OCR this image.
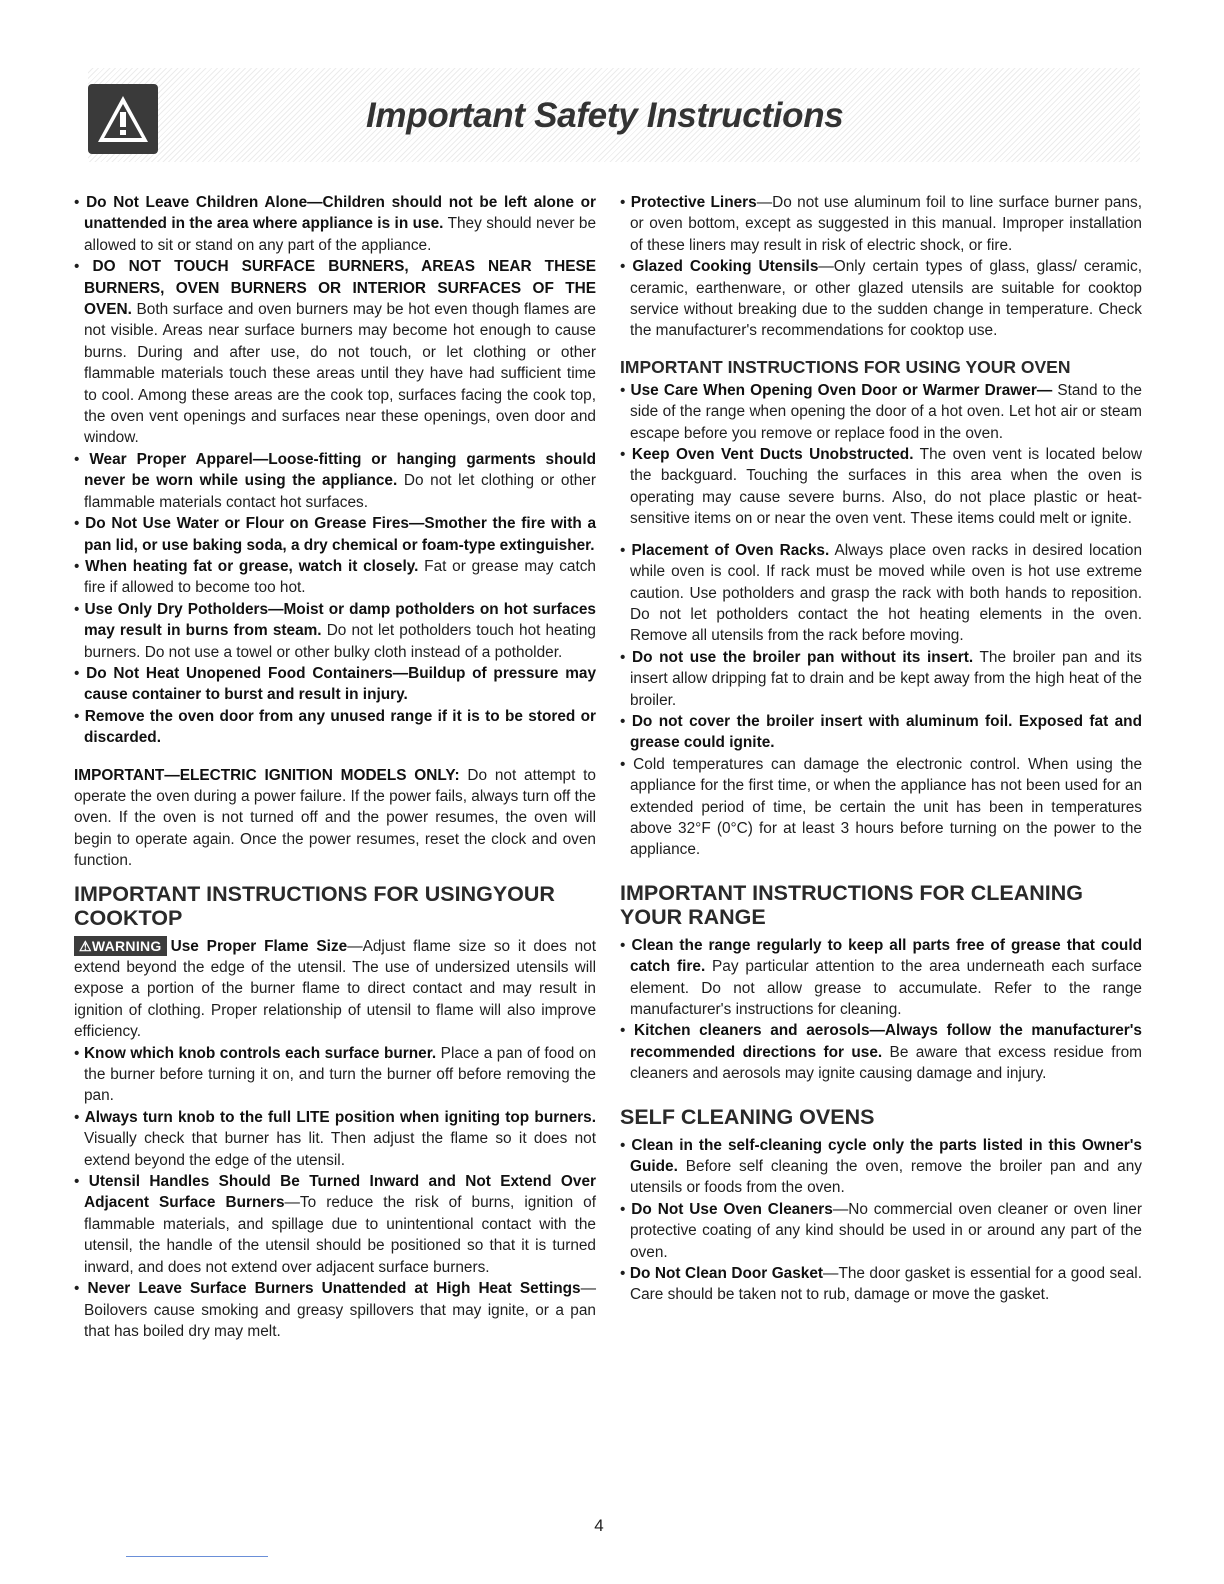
Important Safety Instructions

• Do Not Leave Children Alone—Children should not be left alone or unattended in the area where appliance is in use. They should never be allowed to sit or stand on any part of the appliance.

• DO NOT TOUCH SURFACE BURNERS, AREAS NEAR THESE BURNERS, OVEN BURNERS OR INTERIOR SURFACES OF THE OVEN. Both surface and oven burners may be hot even though flames are not visible. Areas near surface burners may become hot enough to cause burns. During and after use, do not touch, or let clothing or other flammable materials touch these areas until they have had sufficient time to cool. Among these areas are the cook top, surfaces facing the cook top, the oven vent openings and surfaces near these openings, oven door and window.

• Wear Proper Apparel—Loose-fitting or hanging garments should never be worn while using the appliance. Do not let clothing or other flammable materials contact hot surfaces.

• Do Not Use Water or Flour on Grease Fires—Smother the fire with a pan lid, or use baking soda, a dry chemical or foam-type extinguisher.

• When heating fat or grease, watch it closely. Fat or grease may catch fire if allowed to become too hot.

• Use Only Dry Potholders—Moist or damp potholders on hot surfaces may result in burns from steam. Do not let potholders touch hot heating burners. Do not use a towel or other bulky cloth instead of a potholder.

• Do Not Heat Unopened Food Containers—Buildup of pressure may cause container to burst and result in injury.

• Remove the oven door from any unused range if it is to be stored or discarded.

IMPORTANT—ELECTRIC IGNITION MODELS ONLY: Do not attempt to operate the oven during a power failure. If the power fails, always turn off the oven. If the oven is not turned off and the power resumes, the oven will begin to operate again. Once the power resumes, reset the clock and oven function.

IMPORTANT INSTRUCTIONS FOR USINGYOUR COOKTOP

⚠WARNING Use Proper Flame Size—Adjust flame size so it does not extend beyond the edge of the utensil. The use of undersized utensils will expose a portion of the burner flame to direct contact and may result in ignition of clothing. Proper relationship of utensil to flame will also improve efficiency.

• Know which knob controls each surface burner. Place a pan of food on the burner before turning it on, and turn the burner off before removing the pan.

• Always turn knob to the full LITE position when igniting top burners. Visually check that burner has lit. Then adjust the flame so it does not extend beyond the edge of the utensil.

• Utensil Handles Should Be Turned Inward and Not Extend Over Adjacent Surface Burners—To reduce the risk of burns, ignition of flammable materials, and spillage due to unintentional contact with the utensil, the handle of the utensil should be positioned so that it is turned inward, and does not extend over adjacent surface burners.

• Never Leave Surface Burners Unattended at High Heat Settings—Boilovers cause smoking and greasy spillovers that may ignite, or a pan that has boiled dry may melt.

• Protective Liners—Do not use aluminum foil to line surface burner pans, or oven bottom, except as suggested in this manual. Improper installation of these liners may result in risk of electric shock, or fire.

• Glazed Cooking Utensils—Only certain types of glass, glass/ ceramic, ceramic, earthenware, or other glazed utensils are suitable for cooktop service without breaking due to the sudden change in temperature. Check the manufacturer's recommendations for cooktop use.

IMPORTANT INSTRUCTIONS FOR USING YOUR OVEN

• Use Care When Opening Oven Door or Warmer Drawer— Stand to the side of the range when opening the door of a hot oven. Let hot air or steam escape before you remove or replace food in the oven.

• Keep Oven Vent Ducts Unobstructed. The oven vent is located below the backguard. Touching the surfaces in this area when the oven is operating may cause severe burns. Also, do not place plastic or heat-sensitive items on or near the oven vent. These items could melt or ignite.

• Placement of Oven Racks. Always place oven racks in desired location while oven is cool. If rack must be moved while oven is hot use extreme caution. Use potholders and grasp the rack with both hands to reposition. Do not let potholders contact the hot heating elements in the oven. Remove all utensils from the rack before moving.

• Do not use the broiler pan without its insert. The broiler pan and its insert allow dripping fat to drain and be kept away from the high heat of the broiler.

• Do not cover the broiler insert with aluminum foil. Exposed fat and grease could ignite.

• Cold temperatures can damage the electronic control. When using the appliance for the first time, or when the appliance has not been used for an extended period of time, be certain the unit has been in temperatures above 32°F (0°C) for at least 3 hours before turning on the power to the appliance.

IMPORTANT INSTRUCTIONS FOR CLEANING YOUR RANGE

• Clean the range regularly to keep all parts free of grease that could catch fire. Pay particular attention to the area underneath each surface element. Do not allow grease to accumulate. Refer to the range manufacturer's instructions for cleaning.

• Kitchen cleaners and aerosols—Always follow the manufacturer's recommended directions for use. Be aware that excess residue from cleaners and aerosols may ignite causing damage and injury.

SELF CLEANING OVENS

• Clean in the self-cleaning cycle only the parts listed in this Owner's Guide. Before self cleaning the oven, remove the broiler pan and any utensils or foods from the oven.

• Do Not Use Oven Cleaners—No commercial oven cleaner or oven liner protective coating of any kind should be used in or around any part of the oven.

• Do Not Clean Door Gasket—The door gasket is essential for a good seal. Care should be taken not to rub, damage or move the gasket.

4
